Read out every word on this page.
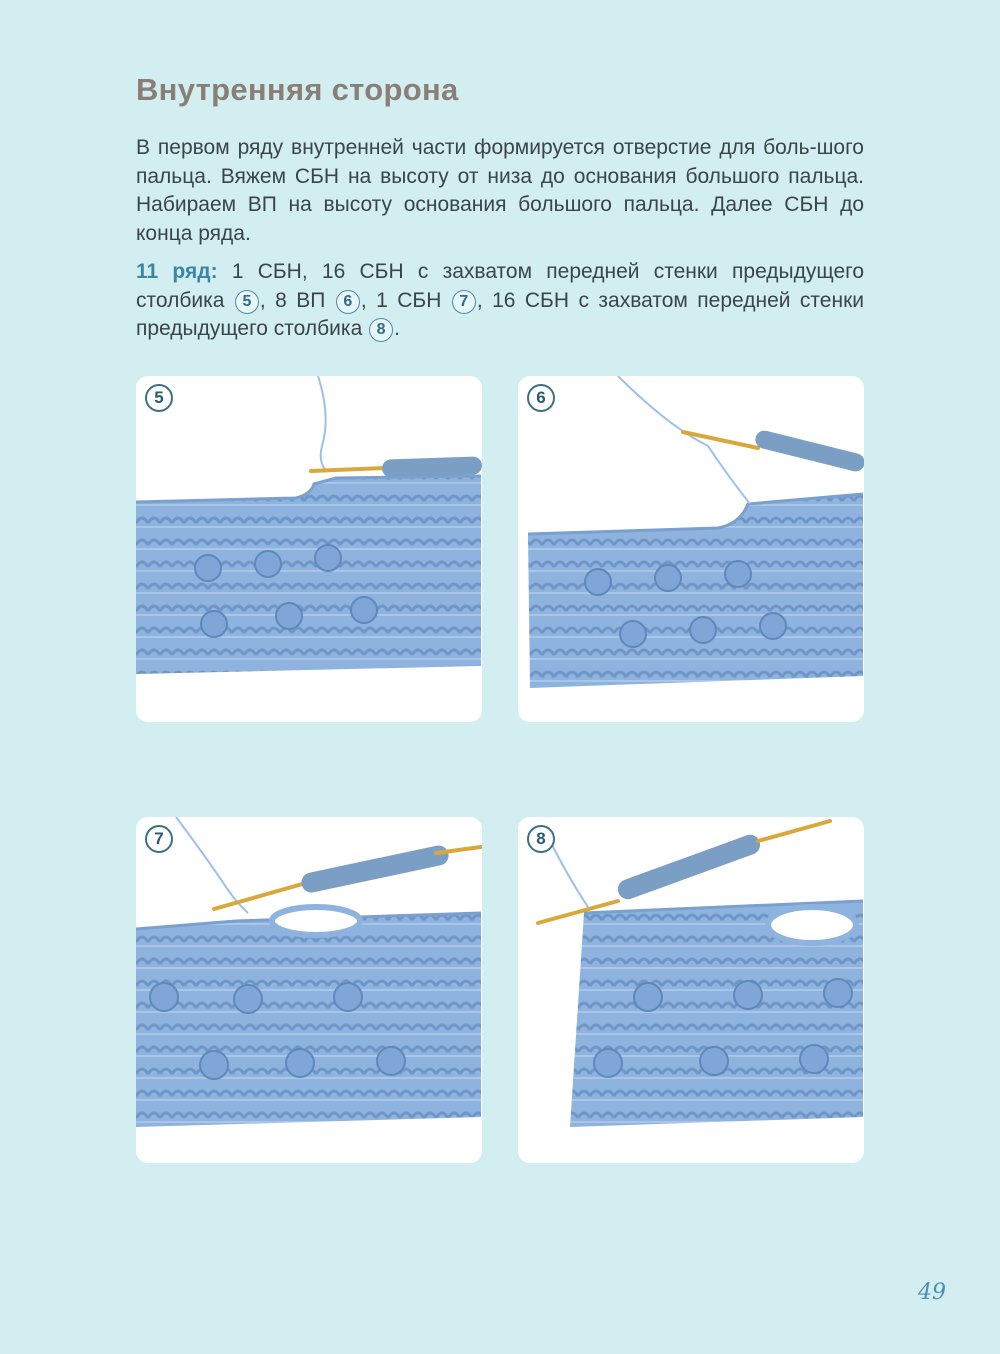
Внутренняя сторона

В первом ряду внутренней части формируется отверстие для боль-шого пальца. Вяжем СБН на высоту от низа до основания большого пальца. Набираем ВП на высоту основания большого пальца. Далее СБН до конца ряда.

11 ряд: 1 СБН, 16 СБН с захватом передней стенки предыдущего столбика 5 , 8 ВП 6 , 1 СБН 7 , 16 СБН с захватом передней стенки предыдущего столбика 8 .

5	6
7	8
49
